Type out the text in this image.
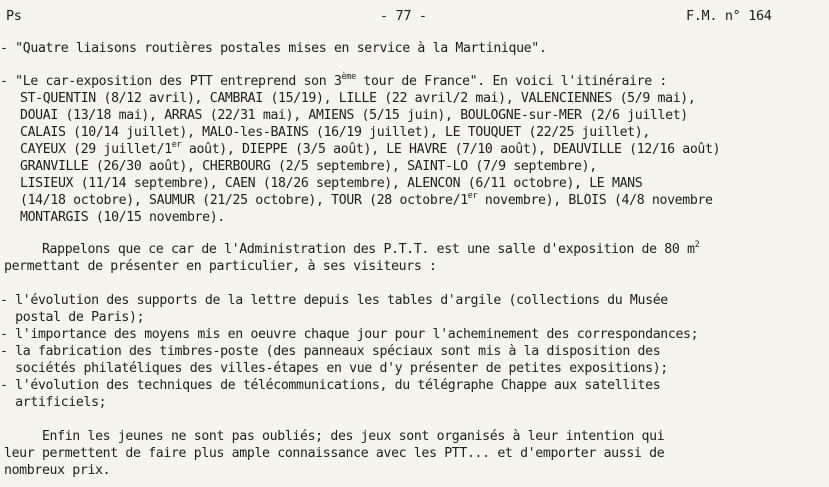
Ps	- 77 -	F.M. n° 164
- "Quatre liaisons routières postales mises en service à la Martinique".
- "Le car-exposition des PTT entreprend son 3ème tour de France". En voici l'itinéraire :
ST-QUENTIN (8/12 avril), CAMBRAI (15/19), LILLE (22 avril/2 mai), VALENCIENNES (5/9 mai),
DOUAI (13/18 mai), ARRAS (22/31 mai), AMIENS (5/15 juin), BOULOGNE-sur-MER (2/6 juillet)
CALAIS (10/14 juillet), MALO-les-BAINS (16/19 juillet), LE TOUQUET (22/25 juillet),
CAYEUX (29 juillet/1er août), DIEPPE (3/5 août), LE HAVRE (7/10 août), DEAUVILLE (12/16 août)
GRANVILLE (26/30 août), CHERBOURG (2/5 septembre), SAINT-LO (7/9 septembre),
LISIEUX (11/14 septembre), CAEN (18/26 septembre), ALENCON (6/11 octobre), LE MANS
(14/18 octobre), SAUMUR (21/25 octobre), TOUR (28 octobre/1er novembre), BLOIS (4/8 novembre
MONTARGIS (10/15 novembre).
Rappelons que ce car de l'Administration des P.T.T. est une salle d'exposition de 80 $m^2$
permettant de présenter en particulier, à ses visiteurs :
- l'évolution des supports de la lettre depuis les tables d'argile (collections du Musée
postal de Paris);
- l'importance des moyens mis en oeuvre chaque jour pour l'acheminement des correspondances;
- la fabrication des timbres-poste (des panneaux spéciaux sont mis à la disposition des
sociétés philatéliques des villes-étapes en vue d'y présenter de petites expositions);
- l'évolution des techniques de télécommunications, du télégraphe Chappe aux satellites
artificiels;
Enfin les jeunes ne sont pas oubliés; des jeux sont organisés à leur intention qui
leur permettent de faire plus ample connaissance avec les PTT... et d'emporter aussi de
nombreux prix.
